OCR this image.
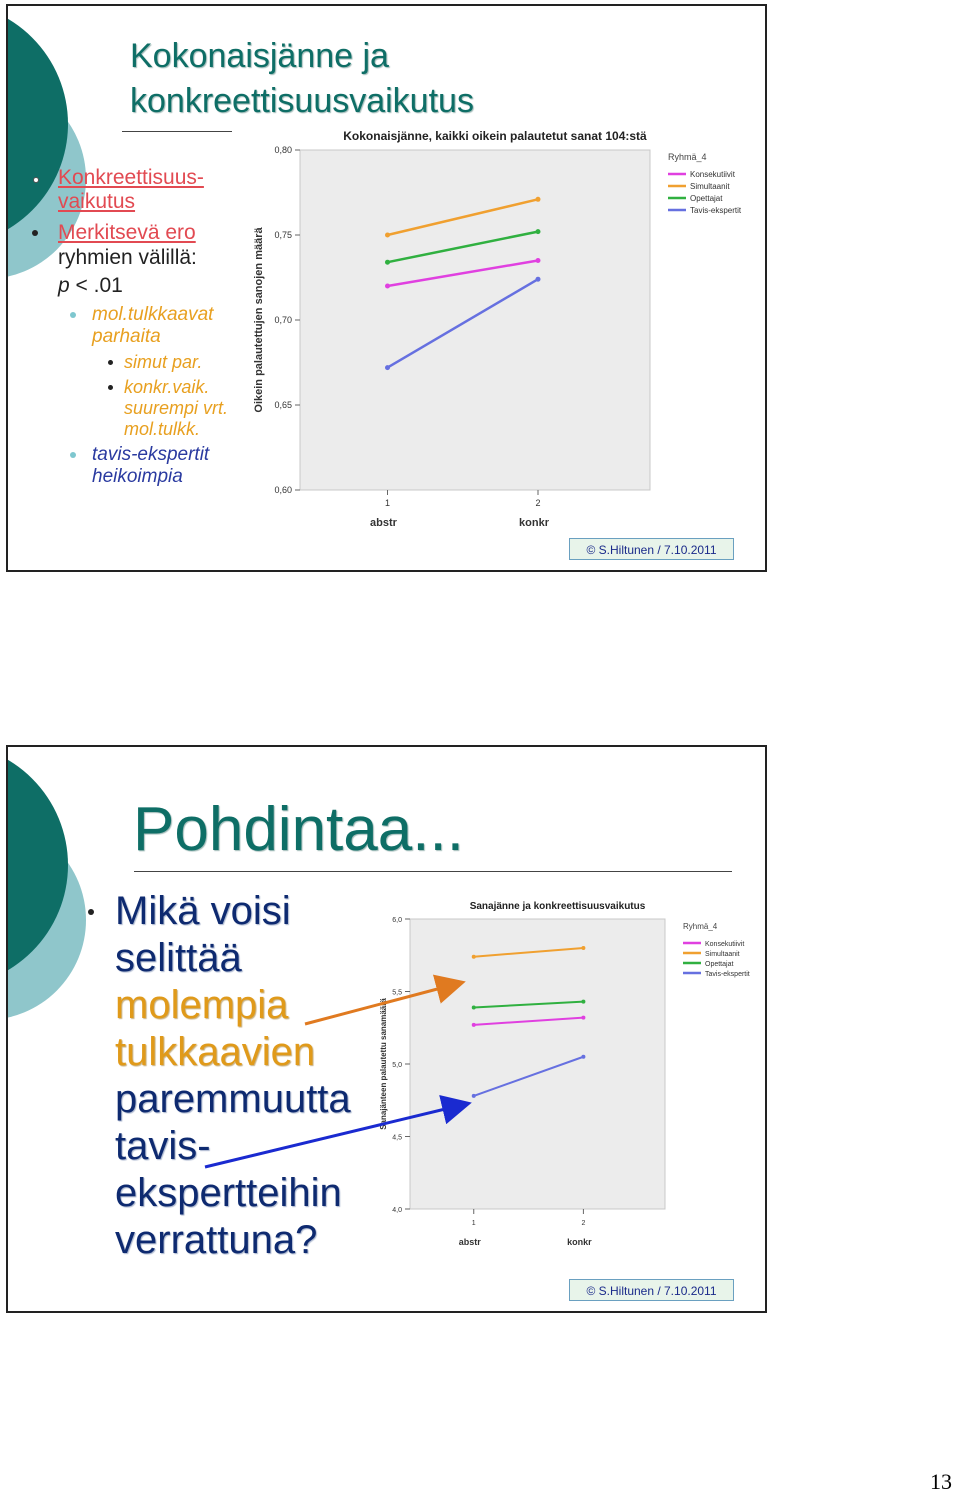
Kokonaisjänne ja
konkreettisuusvaikutus
Konkreettisuus-
vaikutus
Merkitsevä ero
ryhmien välillä:
p < .01
mol.tulkkaavat
parhaita
simut par.
konkr.vaik.
suurempi vrt.
mol.tulkk.
tavis-ekspertit
heikoimpia
Kokonaisjänne, kaikki oikein palautetut sanat 104:stä
0,60
0,65
0,70
0,75
0,80
1
abstr
2
konkr
Oikein palautettujen sanojen määrä
Ryhmä_4
Konsekutiivit
Simultaanit
Opettajat
Tavis-ekspertit
© S.Hiltunen / 7.10.2011
Pohdintaa...
Mikä voisi
selittää
molempia
tulkkaavien
paremmuutta
tavis-
ekspertteihin
verrattuna?
Sanajänne ja konkreettisuusvaikutus
4,0
4,5
5,0
5,5
6,0
1
abstr
2
konkr
Sanajänteen palautettu sanamäärä
Ryhmä_4
Konsekutiivit
Simultaanit
Opettajat
Tavis-ekspertit
© S.Hiltunen / 7.10.2011
13
